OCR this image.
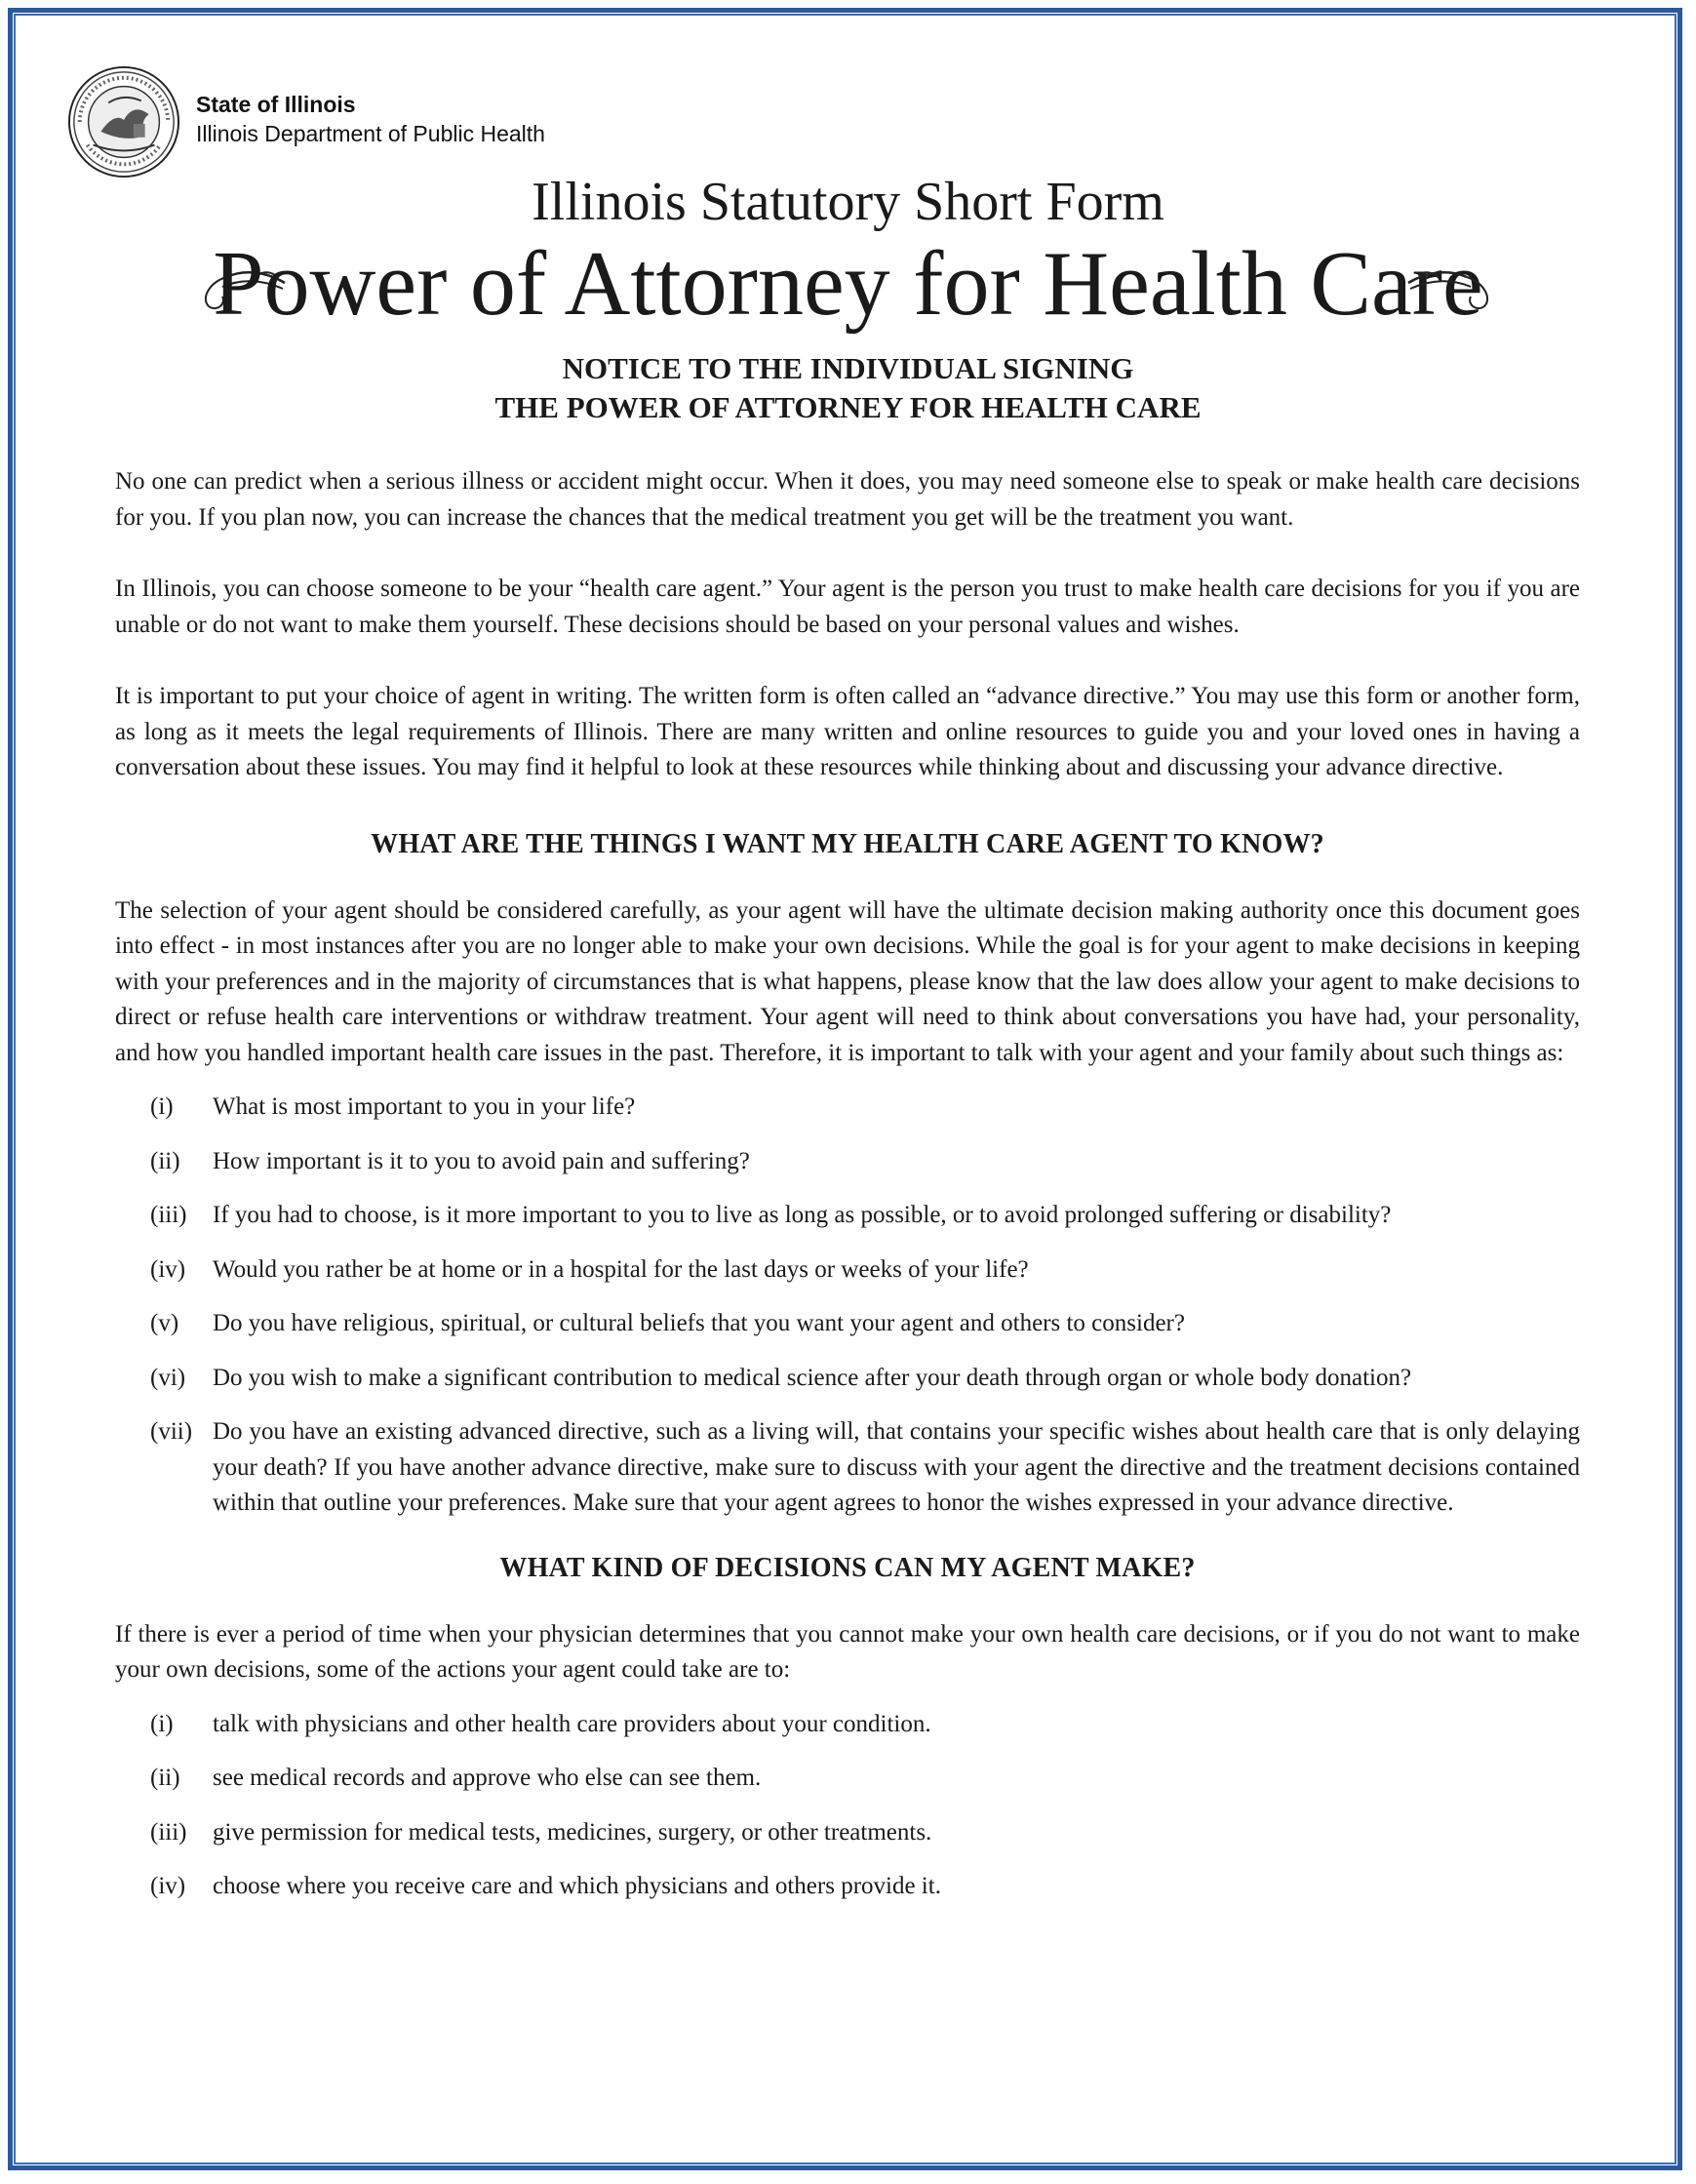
State of Illinois
Illinois Department of Public Health
Illinois Statutory Short Form
Power of Attorney for Health Care
NOTICE TO THE INDIVIDUAL SIGNING
THE POWER OF ATTORNEY FOR HEALTH CARE

No one can predict when a serious illness or accident might occur. When it does, you may need someone else to speak or make health care decisions for you. If you plan now, you can increase the chances that the medical treatment you get will be the treatment you want.

In Illinois, you can choose someone to be your “health care agent.” Your agent is the person you trust to make health care decisions for you if you are unable or do not want to make them yourself. These decisions should be based on your personal values and wishes.

It is important to put your choice of agent in writing. The written form is often called an “advance directive.” You may use this form or another form, as long as it meets the legal requirements of Illinois. There are many written and online resources to guide you and your loved ones in having a conversation about these issues. You may find it helpful to look at these resources while thinking about and discussing your advance directive.

WHAT ARE THE THINGS I WANT MY HEALTH CARE AGENT TO KNOW?

The selection of your agent should be considered carefully, as your agent will have the ultimate decision making authority once this document goes into effect - in most instances after you are no longer able to make your own decisions. While the goal is for your agent to make decisions in keeping with your preferences and in the majority of circumstances that is what happens, please know that the law does allow your agent to make decisions to direct or refuse health care interventions or withdraw treatment. Your agent will need to think about conversations you have had, your personality, and how you handled important health care issues in the past. Therefore, it is important to talk with your agent and your family about such things as:

(i) What is most important to you in your life?
(ii) How important is it to you to avoid pain and suffering?
(iii) If you had to choose, is it more important to you to live as long as possible, or to avoid prolonged suffering or disability?
(iv) Would you rather be at home or in a hospital for the last days or weeks of your life?
(v) Do you have religious, spiritual, or cultural beliefs that you want your agent and others to consider?
(vi) Do you wish to make a significant contribution to medical science after your death through organ or whole body donation?
(vii) Do you have an existing advanced directive, such as a living will, that contains your specific wishes about health care that is only delaying your death? If you have another advance directive, make sure to discuss with your agent the directive and the treatment decisions contained within that outline your preferences. Make sure that your agent agrees to honor the wishes expressed in your advance directive.
WHAT KIND OF DECISIONS CAN MY AGENT MAKE?

If there is ever a period of time when your physician determines that you cannot make your own health care decisions, or if you do not want to make your own decisions, some of the actions your agent could take are to:

(i) talk with physicians and other health care providers about your condition.
(ii) see medical records and approve who else can see them.
(iii) give permission for medical tests, medicines, surgery, or other treatments.
(iv) choose where you receive care and which physicians and others provide it.
